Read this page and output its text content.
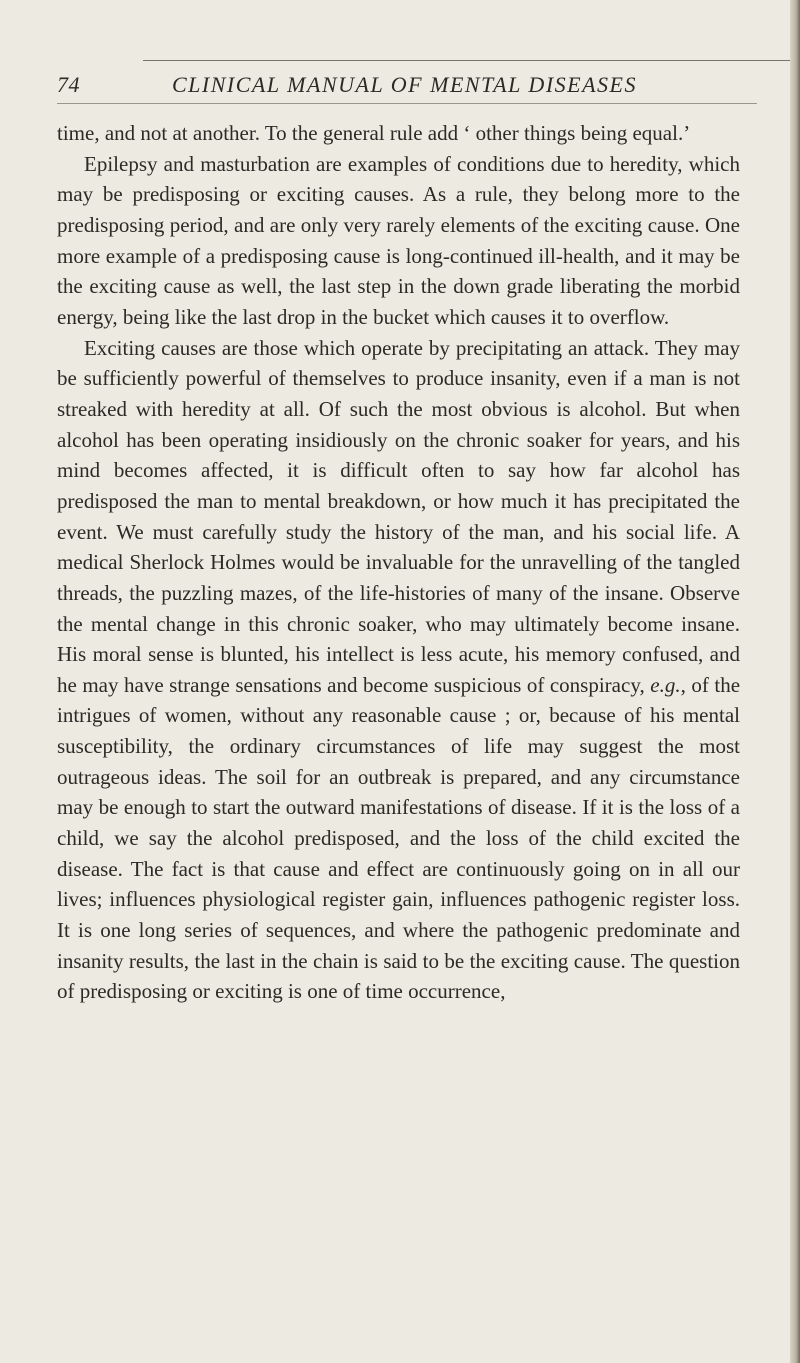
74	CLINICAL MANUAL OF MENTAL DISEASES

time, and not at another. To the general rule add ‘ other things being equal.’

Epilepsy and masturbation are examples of conditions due to heredity, which may be predisposing or exciting causes. As a rule, they belong more to the predisposing period, and are only very rarely elements of the exciting cause. One more example of a predisposing cause is long-continued ill-health, and it may be the exciting cause as well, the last step in the down grade liberating the morbid energy, being like the last drop in the bucket which causes it to overflow.

Exciting causes are those which operate by precipitating an attack. They may be sufficiently powerful of themselves to produce insanity, even if a man is not streaked with heredity at all. Of such the most obvious is alcohol. But when alcohol has been operating insidiously on the chronic soaker for years, and his mind becomes affected, it is difficult often to say how far alcohol has predisposed the man to mental breakdown, or how much it has precipitated the event. We must carefully study the history of the man, and his social life. A medical Sherlock Holmes would be invaluable for the unravelling of the tangled threads, the puzzling mazes, of the life-histories of many of the insane. Observe the mental change in this chronic soaker, who may ultimately become insane. His moral sense is blunted, his intellect is less acute, his memory confused, and he may have strange sensations and become suspicious of conspiracy, e.g., of the intrigues of women, without any reasonable cause ; or, because of his mental susceptibility, the ordinary circumstances of life may suggest the most outrageous ideas. The soil for an outbreak is prepared, and any circumstance may be enough to start the outward manifestations of disease. If it is the loss of a child, we say the alcohol predisposed, and the loss of the child excited the disease. The fact is that cause and effect are continuously going on in all our lives; influences physiological register gain, influences pathogenic register loss. It is one long series of sequences, and where the pathogenic predominate and insanity results, the last in the chain is said to be the exciting cause. The question of predisposing or exciting is one of time occurrence,
